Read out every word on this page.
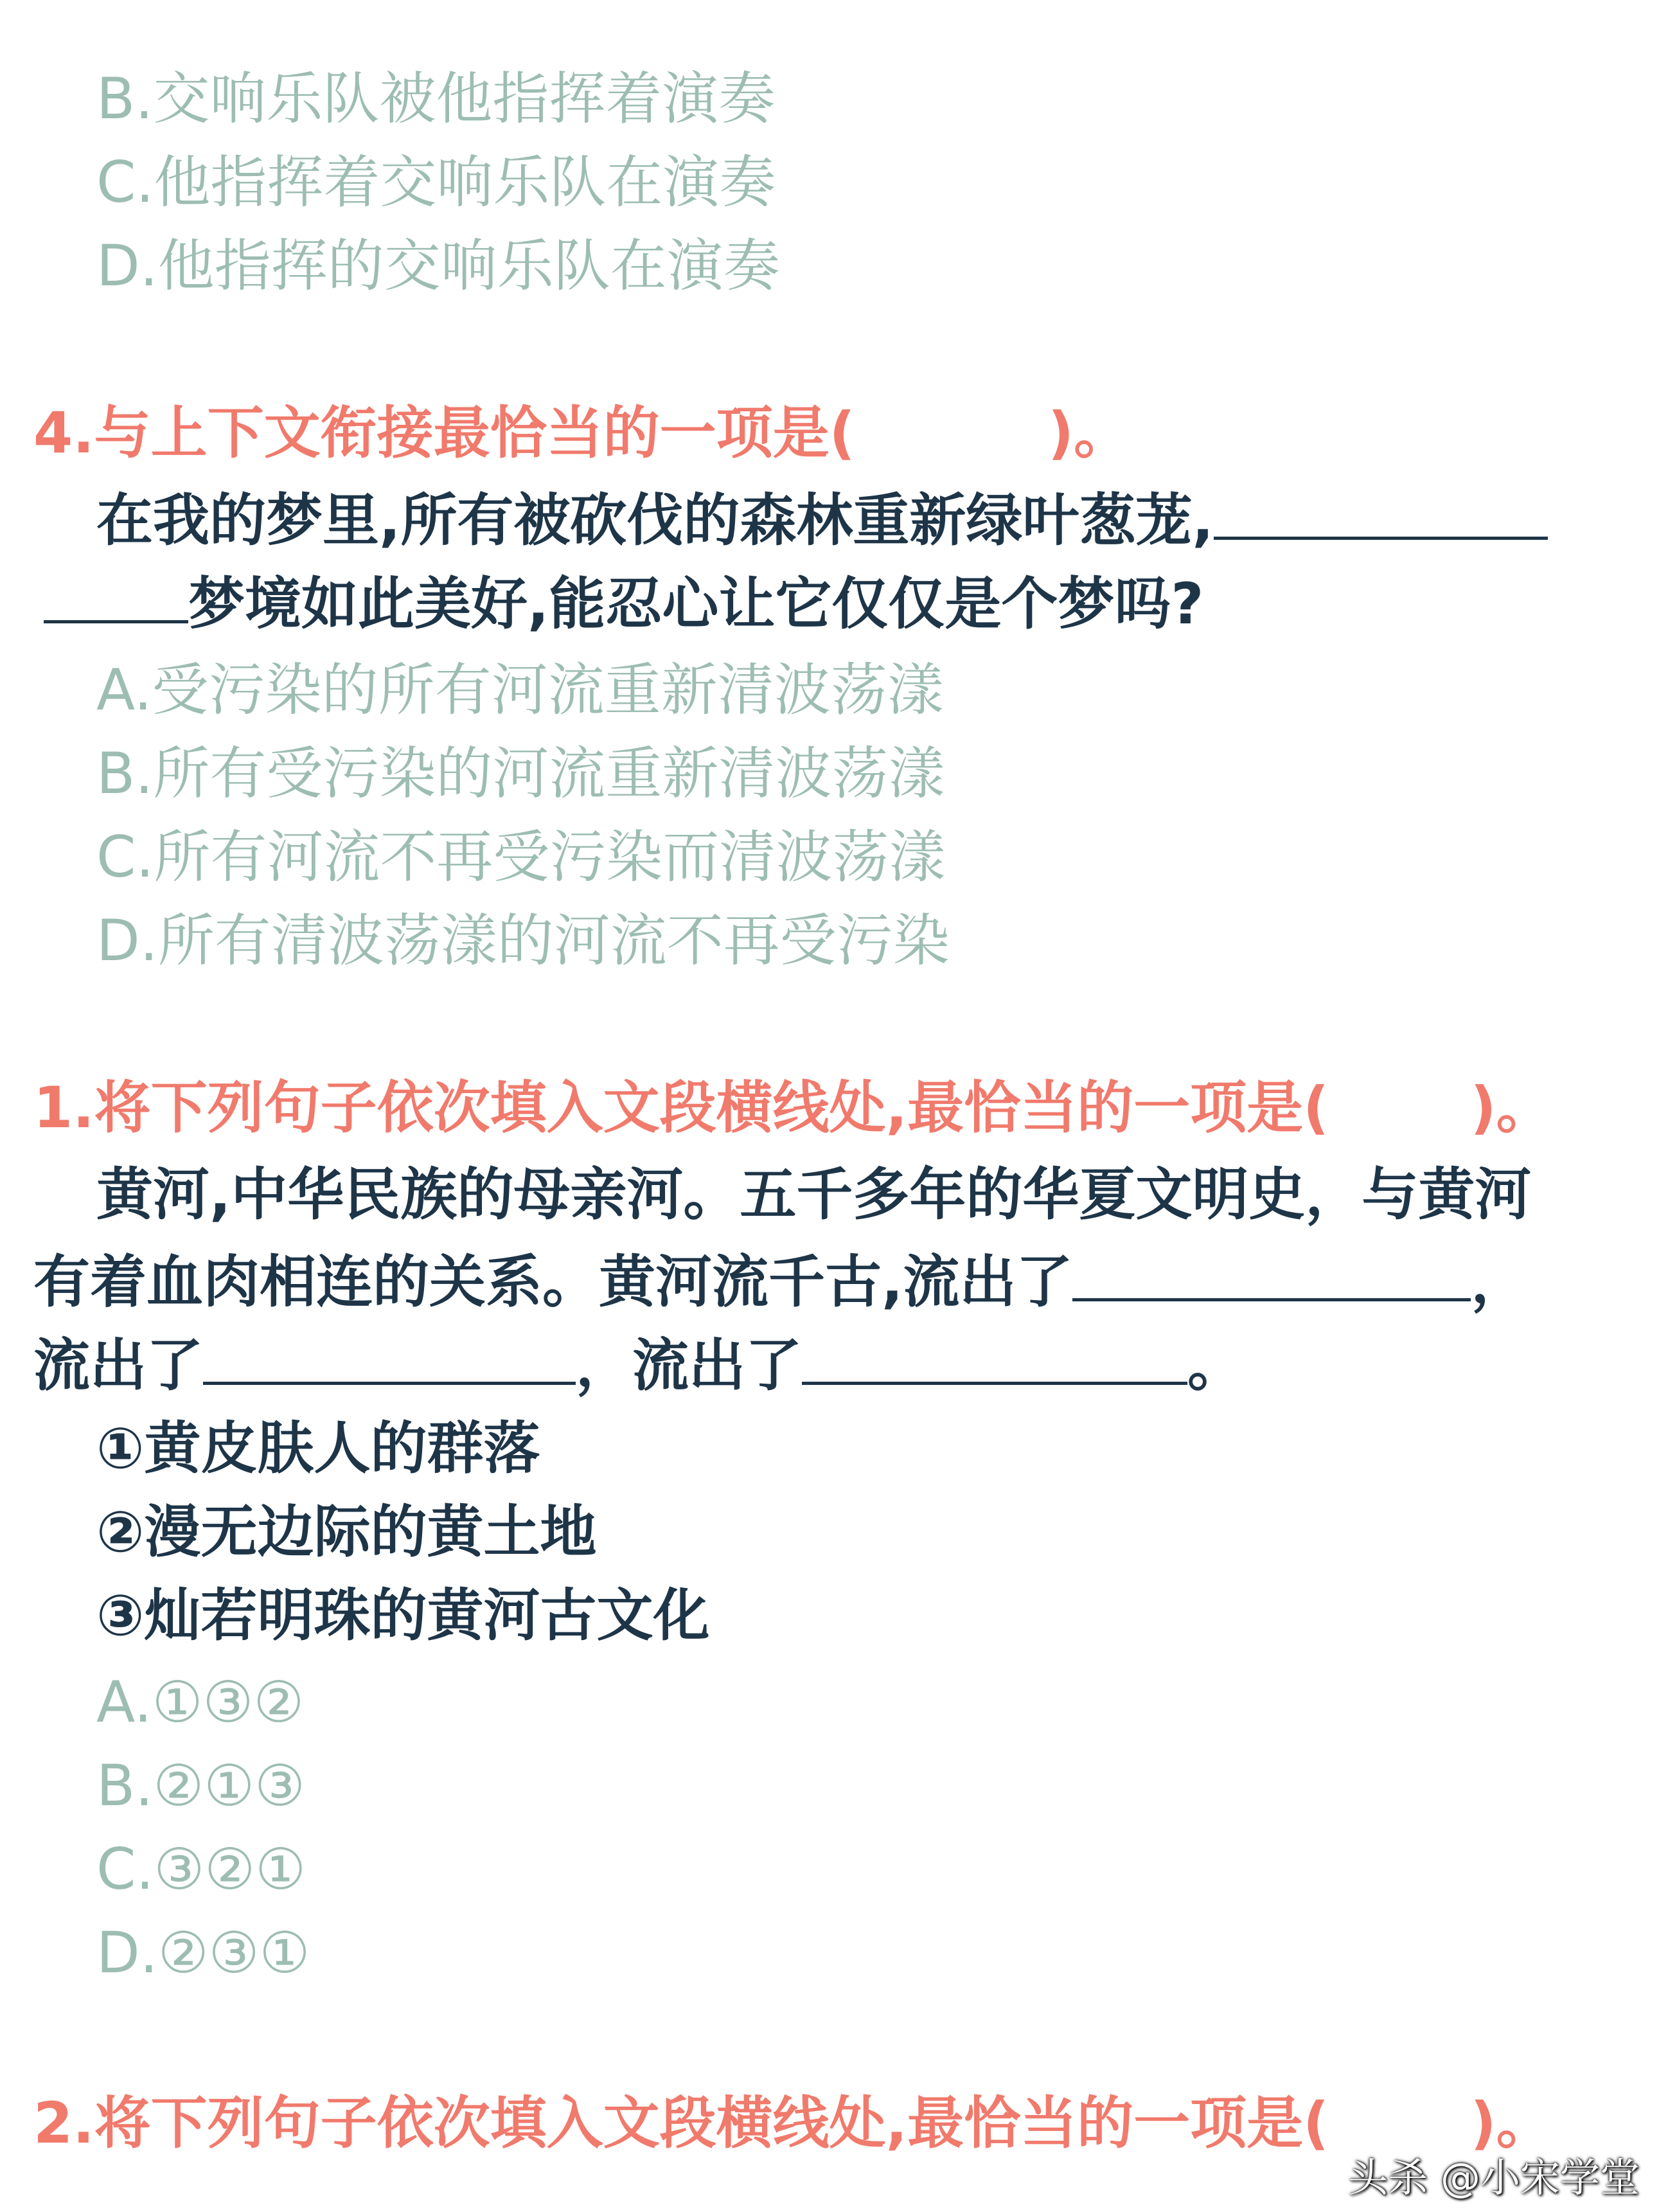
B.交响乐队被他指挥着演奏
C.他指挥着交响乐队在演奏
D.他指挥的交响乐队在演奏
4.与上下文衔接最恰当的一项是(	)。
在我的梦里,所有被砍伐的森林重新绿叶葱茏,
梦境如此美好,能忍心让它仅仅是个梦吗?
A.受污染的所有河流重新清波荡漾
B.所有受污染的河流重新清波荡漾
C.所有河流不再受污染而清波荡漾
D.所有清波荡漾的河流不再受污染
1.将下列句子依次填入文段横线处,最恰当的一项是(	)。
黄河,中华民族的母亲河。五千多年的华夏文明史，与黄河
有着血肉相连的关系。黄河流千古,流出了	，
流出了	，流出了	。
①黄皮肤人的群落
②漫无边际的黄土地
③灿若明珠的黄河古文化
A.①③②
B.②①③
C.③②①
D.②③①
2.将下列句子依次填入文段横线处,最恰当的一项是(	)。
头杀 @小宋学堂
